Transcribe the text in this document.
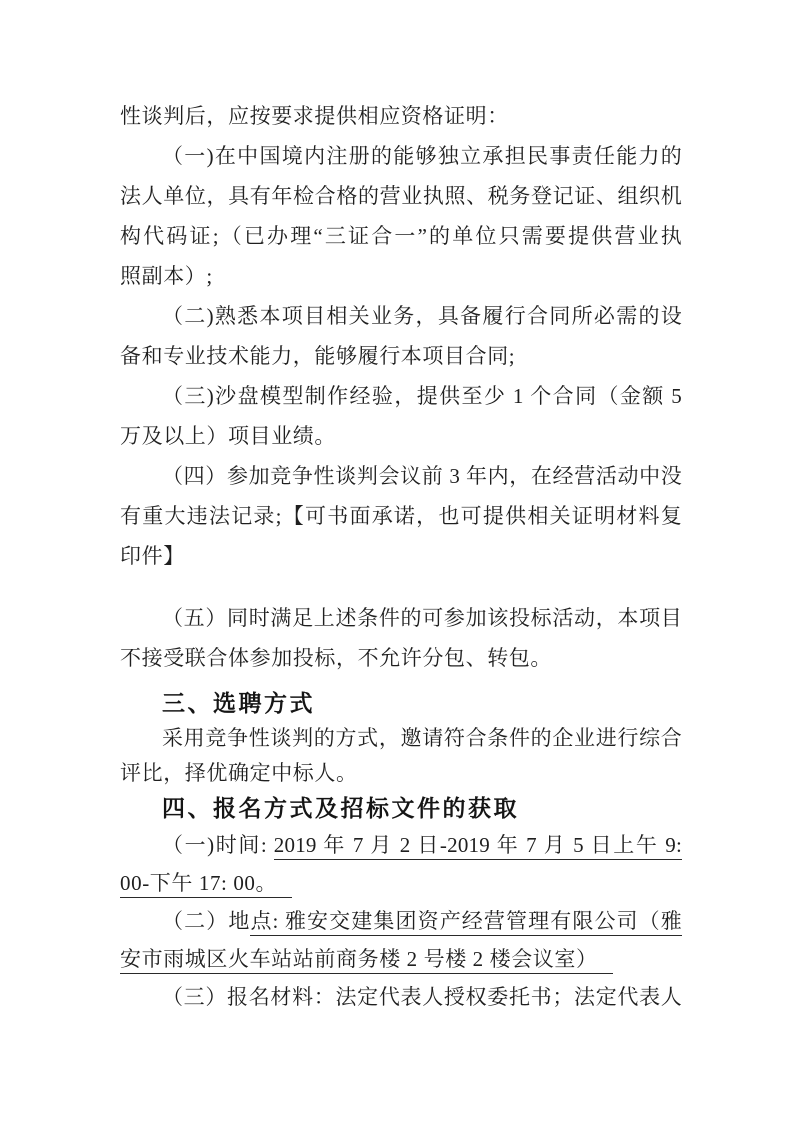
性谈判后，应按要求提供相应资格证明：
（一)在中国境内注册的能够独立承担民事责任能力的
法人单位，具有年检合格的营业执照、税务登记证、组织机
构代码证;（已办理“三证合一”的单位只需要提供营业执
照副本）;
（二)熟悉本项目相关业务，具备履行合同所必需的设
备和专业技术能力，能够履行本项目合同;
（三)沙盘模型制作经验，提供至少 1 个合同（金额 5
万及以上）项目业绩。
（四）参加竞争性谈判会议前 3 年内，在经营活动中没
有重大违法记录;【可书面承诺，也可提供相关证明材料复
印件】
（五）同时满足上述条件的可参加该投标活动，本项目
不接受联合体参加投标，不允许分包、转包。
三、选聘方式
采用竞争性谈判的方式，邀请符合条件的企业进行综合
评比，择优确定中标人。
四、报名方式及招标文件的获取
（一)时间: 2019 年 7 月 2 日-2019 年 7 月 5 日上午 9:
00-下午 17: 00。
（二）地点: 雅安交建集团资产经营管理有限公司（雅
安市雨城区火车站站前商务楼 2 号楼 2 楼会议室）
（三）报名材料：法定代表人授权委托书；法定代表人
